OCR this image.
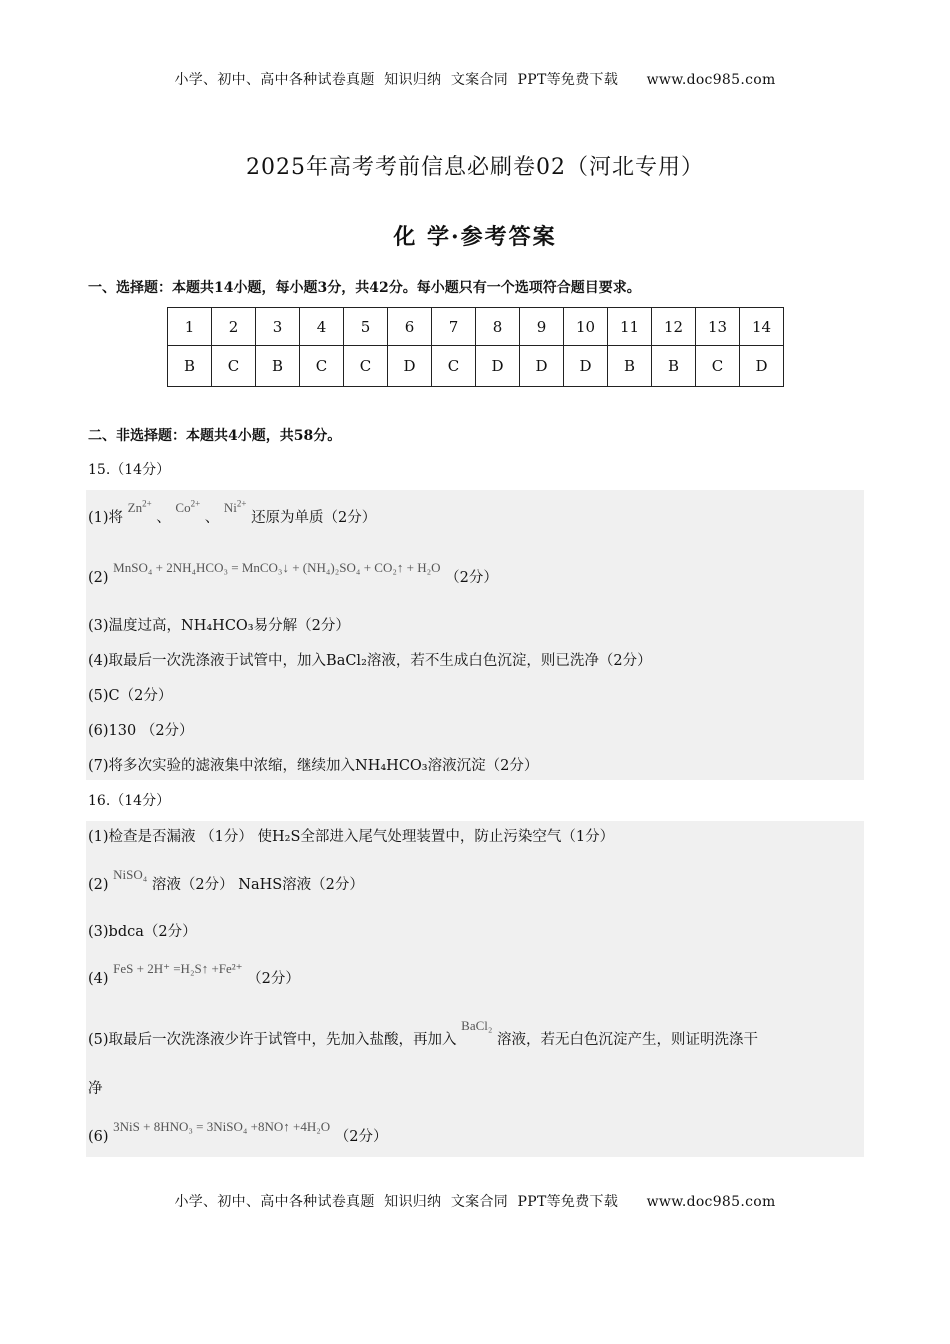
小学、初中、高中各种试卷真题  知识归纳  文案合同  PPT等免费下载      www.doc985.com
2025年高考考前信息必刷卷02（河北专用）
化 学·参考答案
一、选择题：本题共14小题，每小题3分，共42分。每小题只有一个选项符合题目要求。
1	2	3	4	5	6	7	8	9	10	11	12	13	14
B	C	B	C	C	D	C	D	D	D	B	B	C	D
二、非选择题：本题共4小题，共58分。
15.（14分）
(1)将 $Zn^{2+}$ 、 $Co^{2+}$ 、 $Ni^{2+}$ 还原为单质（2分）
(2) MnSO₄ + 2NH₄HCO₃ = MnCO₃↓ + (NH₄)₂SO₄ + CO₂↑ + H₂O （2分）
(3)温度过高，NH₄HCO₃易分解（2分）
(4)取最后一次洗涤液于试管中，加入BaCl₂溶液，若不生成白色沉淀，则已洗净（2分）
(5)C（2分）
(6)130 （2分）
(7)将多次实验的滤液集中浓缩，继续加入NH₄HCO₃溶液沉淀（2分）
16.（14分）
(1)检查是否漏液 （1分） 使H₂S全部进入尾气处理装置中，防止污染空气（1分）
(2) NiSO₄ 溶液（2分） NaHS溶液（2分）
(3)bdca（2分）
(4) FeS + 2H⁺ =H₂S↑ +Fe²⁺ （2分）
(5)取最后一次洗涤液少许于试管中，先加入盐酸，再加入 BaCl₂ 溶液，若无白色沉淀产生，则证明洗涤干
净
(6) 3NiS + 8HNO₃ = 3NiSO₄ +8NO↑ +4H₂O （2分）
小学、初中、高中各种试卷真题  知识归纳  文案合同  PPT等免费下载      www.doc985.com
